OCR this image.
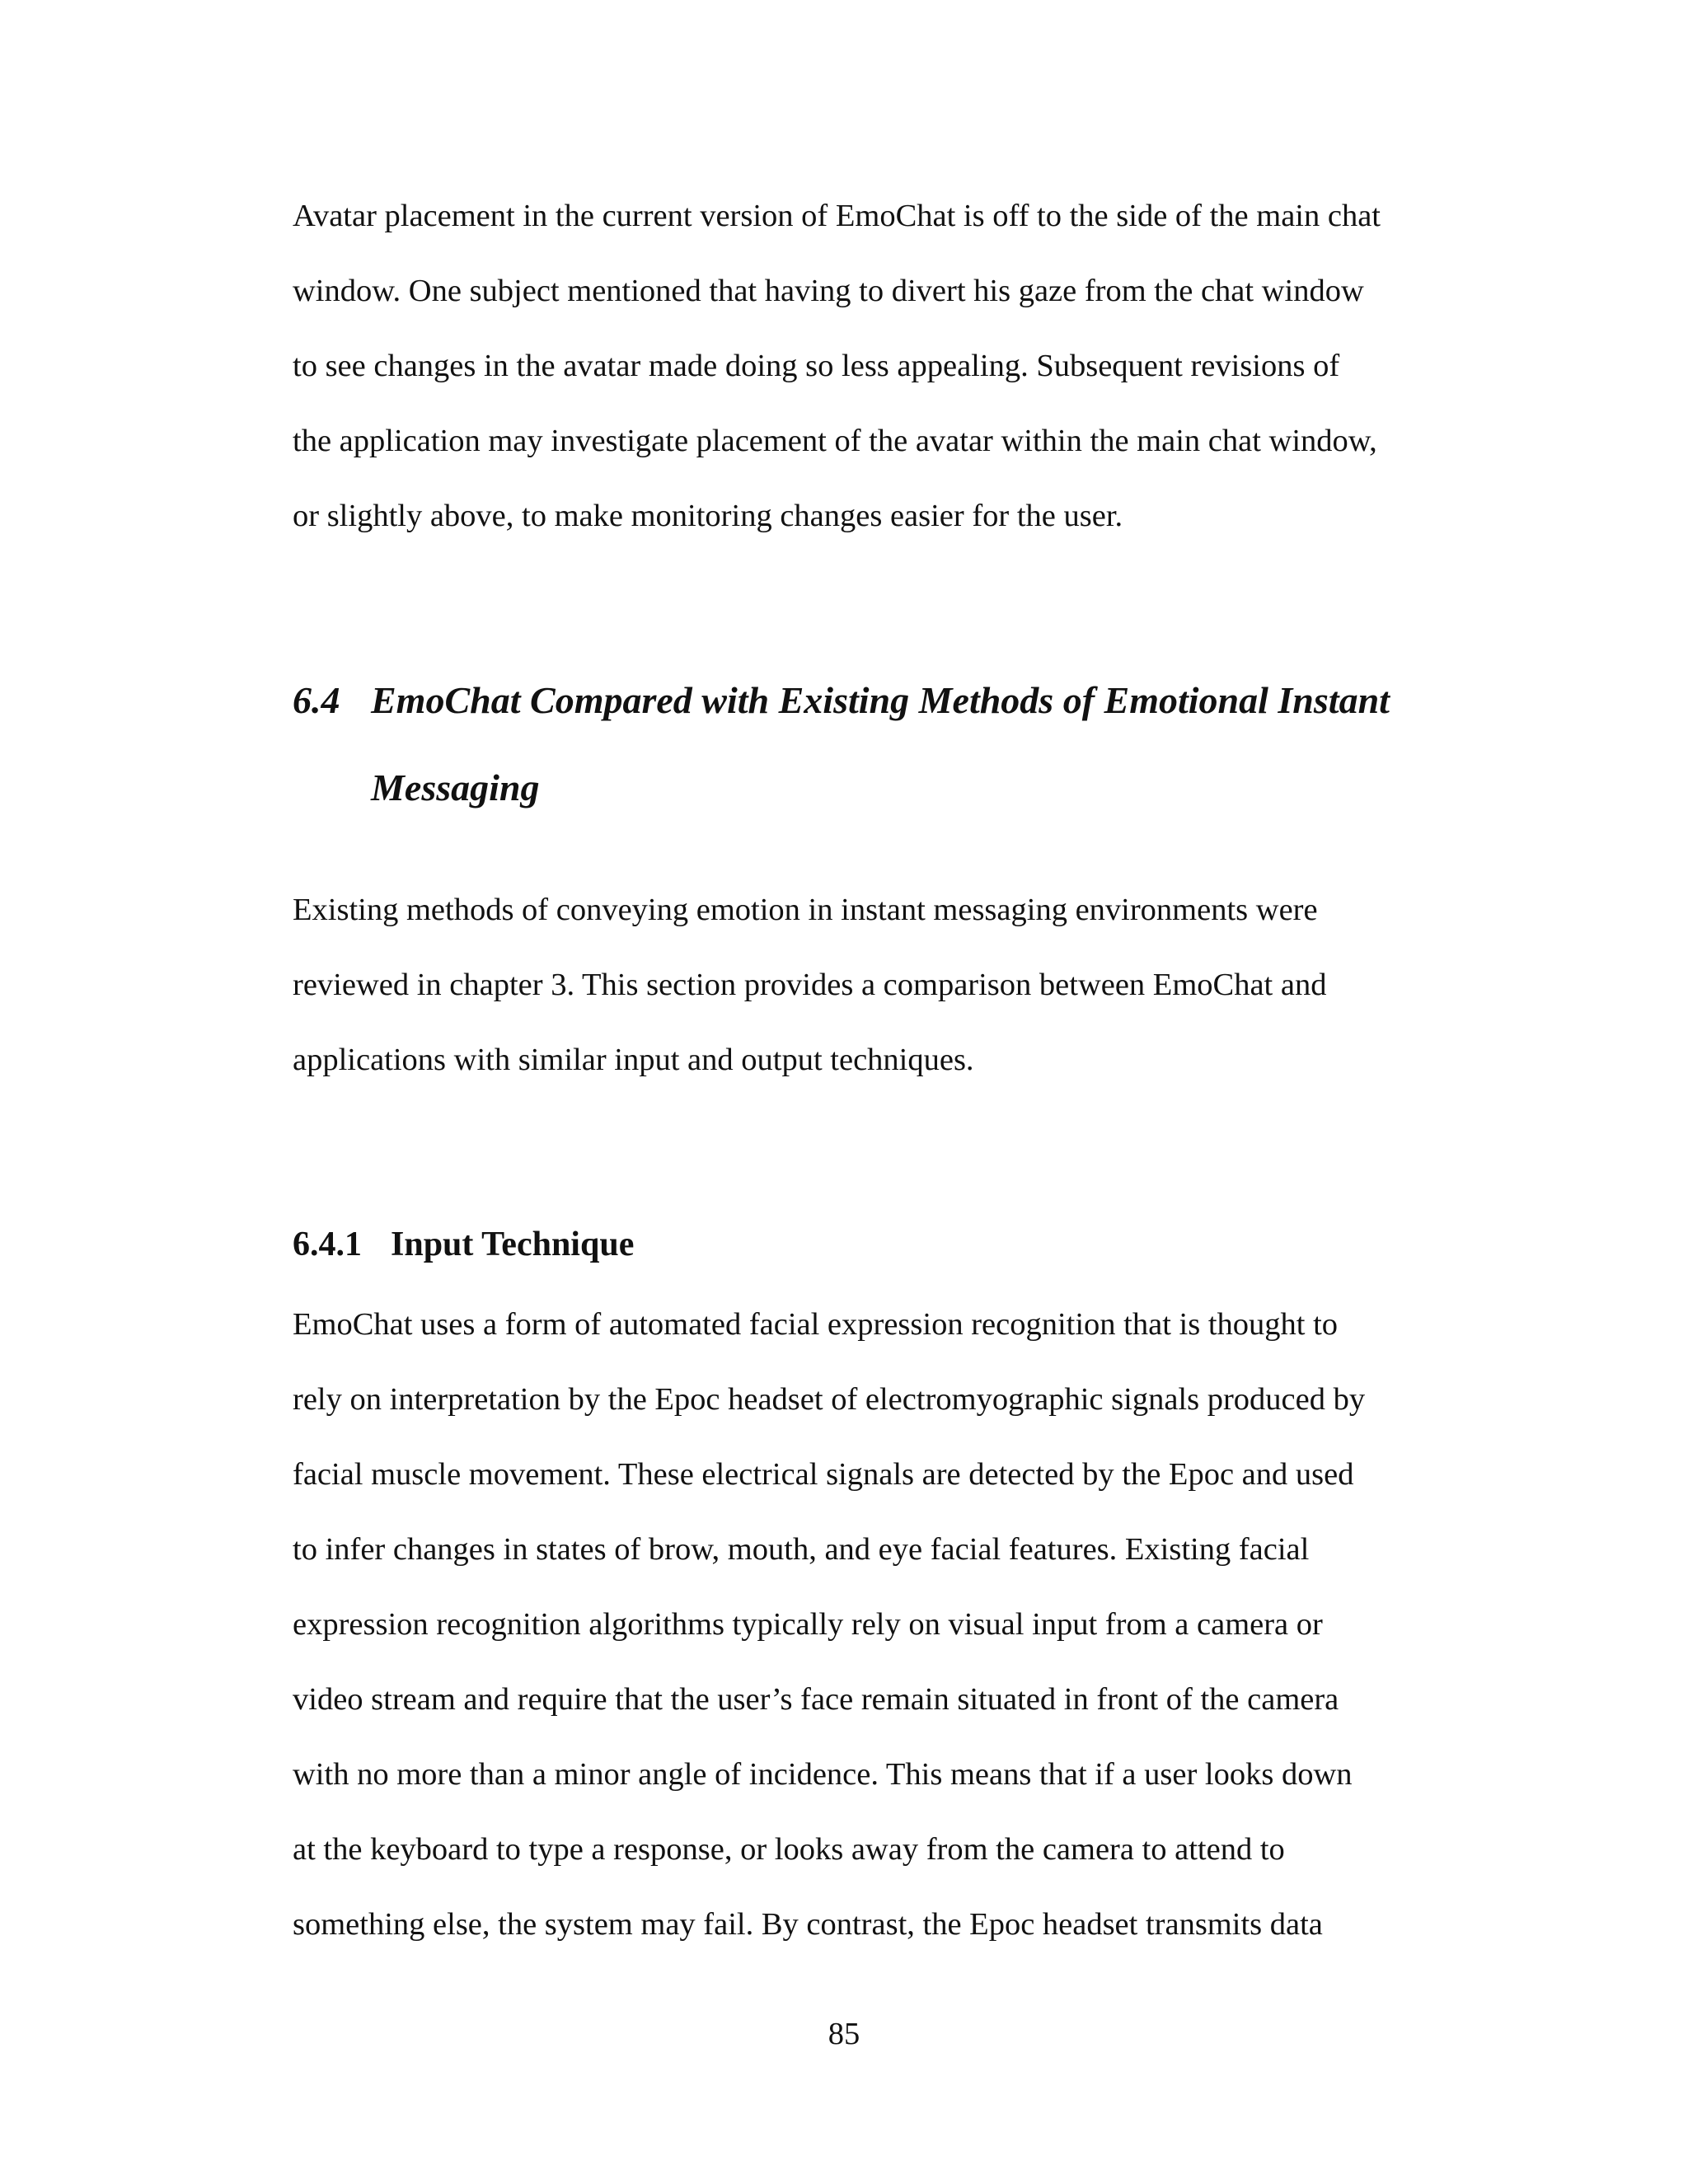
Avatar placement in the current version of EmoChat is off to the side of the main chat
window. One subject mentioned that having to divert his gaze from the chat window
to see changes in the avatar made doing so less appealing. Subsequent revisions of
the application may investigate placement of the avatar within the main chat window,
or slightly above, to make monitoring changes easier for the user.
6.4 EmoChat Compared with Existing Methods of Emotional Instant
Messaging
Existing methods of conveying emotion in instant messaging environments were
reviewed in chapter 3. This section provides a comparison between EmoChat and
applications with similar input and output techniques.
6.4.1 Input Technique
EmoChat uses a form of automated facial expression recognition that is thought to
rely on interpretation by the Epoc headset of electromyographic signals produced by
facial muscle movement. These electrical signals are detected by the Epoc and used
to infer changes in states of brow, mouth, and eye facial features. Existing facial
expression recognition algorithms typically rely on visual input from a camera or
video stream and require that the user’s face remain situated in front of the camera
with no more than a minor angle of incidence. This means that if a user looks down
at the keyboard to type a response, or looks away from the camera to attend to
something else, the system may fail. By contrast, the Epoc headset transmits data
85
